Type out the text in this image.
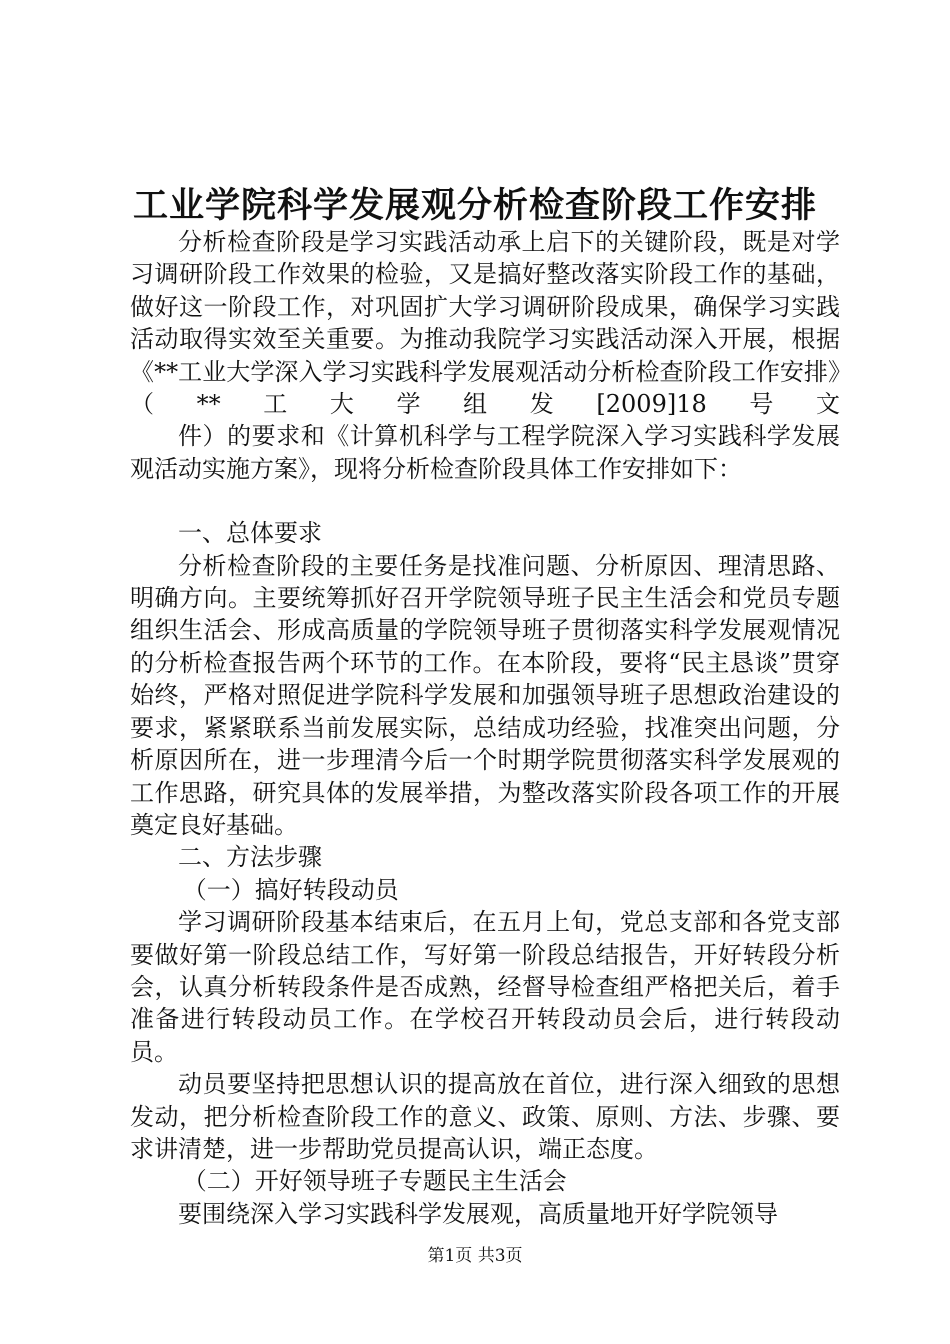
工业学院科学发展观分析检查阶段工作安排

分析检查阶段是学习实践活动承上启下的关键阶段，既是对学习调研阶段工作效果的检验，又是搞好整改落实阶段工作的基础，做好这一阶段工作，对巩固扩大学习调研阶段成果，确保学习实践活动取得实效至关重要。为推动我院学习实践活动深入开展，根据《**工业大学深入学习实践科学发展观活动分析检查阶段工作安排》（**工大学组发[2009]18号文

件）的要求和《计算机科学与工程学院深入学习实践科学发展观活动实施方案》，现将分析检查阶段具体工作安排如下：

一、总体要求

分析检查阶段的主要任务是找准问题、分析原因、理清思路、明确方向。主要统筹抓好召开学院领导班子民主生活会和党员专题组织生活会、形成高质量的学院领导班子贯彻落实科学发展观情况的分析检查报告两个环节的工作。在本阶段，要将“民主恳谈”贯穿始终，严格对照促进学院科学发展和加强领导班子思想政治建设的要求，紧紧联系当前发展实际，总结成功经验，找准突出问题，分析原因所在，进一步理清今后一个时期学院贯彻落实科学发展观的工作思路，研究具体的发展举措，为整改落实阶段各项工作的开展奠定良好基础。

二、方法步骤

（一）搞好转段动员

学习调研阶段基本结束后，在五月上旬，党总支部和各党支部要做好第一阶段总结工作，写好第一阶段总结报告，开好转段分析会，认真分析转段条件是否成熟，经督导检查组严格把关后，着手准备进行转段动员工作。在学校召开转段动员会后，进行转段动员。

动员要坚持把思想认识的提高放在首位，进行深入细致的思想发动，把分析检查阶段工作的意义、政策、原则、方法、步骤、要求讲清楚，进一步帮助党员提高认识，端正态度。

（二）开好领导班子专题民主生活会

要围绕深入学习实践科学发展观，高质量地开好学院领导

第1页 共3页
